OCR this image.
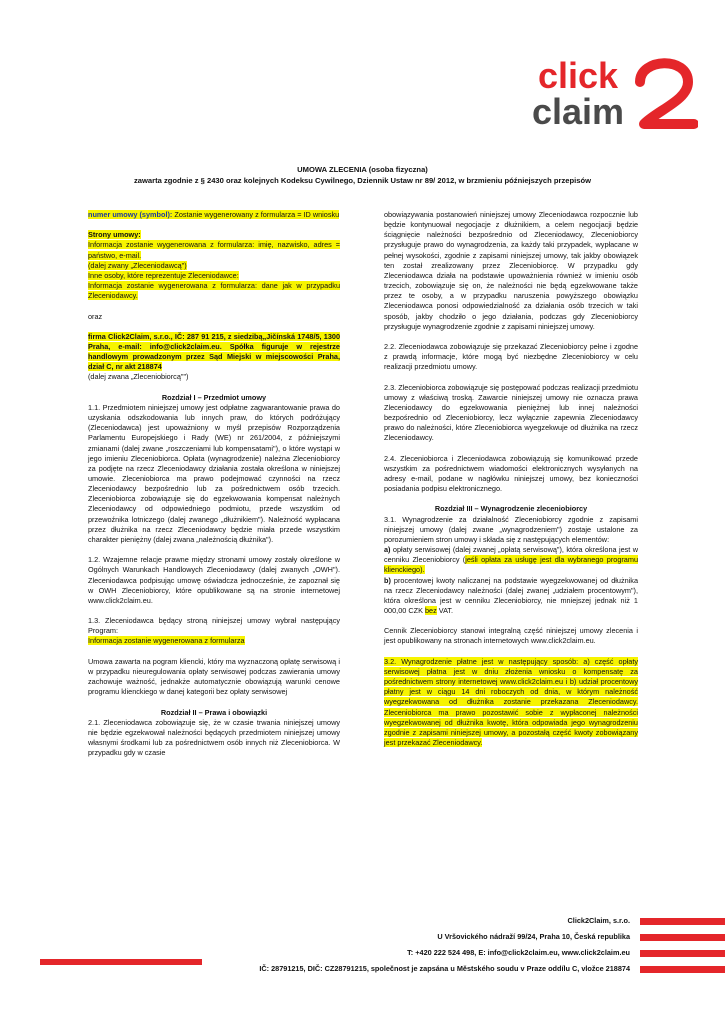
click
claim
UMOWA ZLECENIA (osoba fizyczna)
zawarta zgodnie z § 2430 oraz kolejnych Kodeksu Cywilnego, Dziennik Ustaw nr 89/ 2012, w brzmieniu późniejszych przepisów

numer umowy (symbol): Zostanie wygenerowany z formularza = ID wniosku

Strony umowy:

Informacja zostanie wygenerowana z formularza: imię, nazwisko, adres = państwo, e-mail.

(dalej zwany „Zleceniodawcą")

Inne osoby, które reprezentuje Zleceniodawce:

Informacja zostanie wygenerowana z formularza: dane jak w przypadku Zleceniodawcy.

oraz

firma Click2Claim, s.r.o., IČ: 287 91 215, z siedzibą„Jičínská 1748/5, 1300 Praha, e-mail: info@click2claim.eu. Spółka figuruje w rejestrze handlowym prowadzonym przez Sąd Miejski w miejscowości Praha, dział C, nr akt 218874

(dalej zwana „Zleceniobiorcą"")

Rozdział I – Przedmiot umowy

1.1. Przedmiotem niniejszej umowy jest odpłatne zagwarantowanie prawa do uzyskania odszkodowania lub innych praw, do których podróżujący (Zleceniodawca) jest upoważniony w myśl przepisów Rozporządzenia Parlamentu Europejskiego i Rady (WE) nr 261/2004, z późniejszymi zmianami (dalej zwane „roszczeniami lub kompensatami"), o które wystąpi w jego imieniu Zleceniobiorca. Opłata (wynagrodzenie) należna Zleceniobiorcy za podjęte na rzecz Zleceniodawcy działania została określona w niniejszej umowie. Zleceniobiorca ma prawo podejmować czynności na rzecz Zleceniodawcy bezpośrednio lub za pośrednictwem osób trzecich. Zleceniobiorca zobowiązuje się do egzekwowania kompensat należnych Zleceniodawcy od odpowiedniego podmiotu, przede wszystkim od przewoźnika lotniczego (dalej zwanego „dłużnikiem"). Należność wypłacana przez dłużnika na rzecz Zleceniodawcy będzie miała przede wszystkim charakter pieniężny (dalej zwana „należnością dłużnika").

1.2. Wzajemne relacje prawne między stronami umowy zostały określone w Ogólnych Warunkach Handlowych Zleceniodawcy (dalej zwanych „OWH"). Zleceniodawca podpisując umowę oświadcza jednocześnie, że zapoznał się w OWH Zleceniobiorcy, które opublikowane są na stronie internetowej www.click2claim.eu.

1.3. Zleceniodawca będący stroną niniejszej umowy wybrał następujący Program:
Informacja zostanie wygenerowana z formularza

Umowa zawarta na pogram kliencki, który ma wyznaczoną opłatę serwisową i w przypadku nieuregulowania opłaty serwisowej podczas zawierania umowy zachowuje ważność, jednakże automatycznie obowiązują warunki cenowe programu klienckiego w danej kategorii bez opłaty serwisowej

Rozdział II – Prawa i obowiązki

2.1. Zleceniodawca zobowiązuje się, że w czasie trwania niniejszej umowy nie będzie egzekwował należności będących przedmiotem niniejszej umowy własnymi środkami lub za pośrednictwem osób innych niż Zleceniobiorca. W przypadku gdy w czasie

obowiązywania postanowień niniejszej umowy Zleceniodawca rozpocznie lub będzie kontynuował negocjacje z dłużnikiem, a celem negocjacji będzie ściągnięcie należności bezpośrednio od Zleceniodawcy, Zleceniobiorcy przysługuje prawo do wynagrodzenia, za każdy taki przypadek, wypłacane w pełnej wysokości, zgodnie z zapisami niniejszej umowy, tak jakby obowiązek ten został zrealizowany przez Zleceniobiorcę. W przypadku gdy Zleceniodawca działa na podstawie upoważnienia również w imieniu osób trzecich, zobowiązuje się on, że należności nie będą egzekwowane także przez te osoby, a w przypadku naruszenia powyższego obowiązku Zleceniodawca ponosi odpowiedzialność za działania osób trzecich w taki sposób, jakby chodziło o jego działania, podczas gdy Zleceniobiorcy przysługuje wynagrodzenie zgodnie z zapisami niniejszej umowy.

2.2. Zleceniodawca zobowiązuje się przekazać Zleceniobiorcy pełne i zgodne z prawdą informacje, które mogą być niezbędne Zleceniobiorcy w celu realizacji przedmiotu umowy.

2.3. Zleceniobiorca zobowiązuje się postępować podczas realizacji przedmiotu umowy z właściwą troską. Zawarcie niniejszej umowy nie oznacza prawa Zleceniodawcy do egzekwowania pieniężnej lub innej należności bezpośrednio od Zleceniobiorcy, lecz wyłącznie zapewnia Zleceniodawcy prawo do należności, które Zleceniobiorca wyegzekwuje od dłużnika na rzecz Zleceniodawcy.

2.4. Zleceniobiorca i Zleceniodawca zobowiązują się komunikować przede wszystkim za pośrednictwem wiadomości elektronicznych wysyłanych na adresy e-mail, podane w nagłówku niniejszej umowy, bez konieczności posiadania podpisu elektronicznego.

Rozdział III – Wynagrodzenie zleceniobiorcy

3.1. Wynagrodzenie za działalność Zleceniobiorcy zgodnie z zapisami niniejszej umowy (dalej zwane „wynagrodzeniem") zostaje ustalone za porozumieniem stron umowy i składa się z następujących elementów:

a) opłaty serwisowej (dalej zwanej „opłatą serwisową"), która określona jest w cenniku Zleceniobiorcy (jeśli opłata za usługę jest dla wybranego programu klienckiego).

b) procentowej kwoty naliczanej na podstawie wyegzekwowanej od dłużnika na rzecz Zleceniodawcy należności (dalej zwanej „udziałem procentowym"), która określona jest w cenniku Zleceniobiorcy, nie mniejszej jednak niż 1 000,00 CZK bez VAT.

Cennik Zleceniobiorcy stanowi integralną część niniejszej umowy zlecenia i jest opublikowany na stronach internetowych www.click2claim.eu.

3.2. Wynagrodzenie płatne jest w następujący sposób: a) część opłaty serwisowej płatna jest w dniu złożenia wniosku o kompensatę za pośrednictwem strony internetowej www.click2claim.eu i b) udział procentowy płatny jest w ciągu 14 dni roboczych od dnia, w którym należność wyegzekwowana od dłużnika zostanie przekazana Zleceniodawcy. Zleceniobiorca ma prawo pozostawić sobie z wypłaconej należności wyegzekwowanej od dłużnika kwotę, która odpowiada jego wynagrodzeniu zgodnie z zapisami niniejszej umowy, a pozostałą część kwoty zobowiązany jest przekazać Zleceniodawcy.

Click2Claim, s.r.o.
U Vršovického nádraží 99/24, Praha 10, Česká republika
T: +420 222 524 498, E: info@click2claim.eu, www.click2claim.eu
IČ: 28791215, DIČ: CZ28791215, společnost je zapsána u Městského soudu v Praze oddílu C, vložce 218874
